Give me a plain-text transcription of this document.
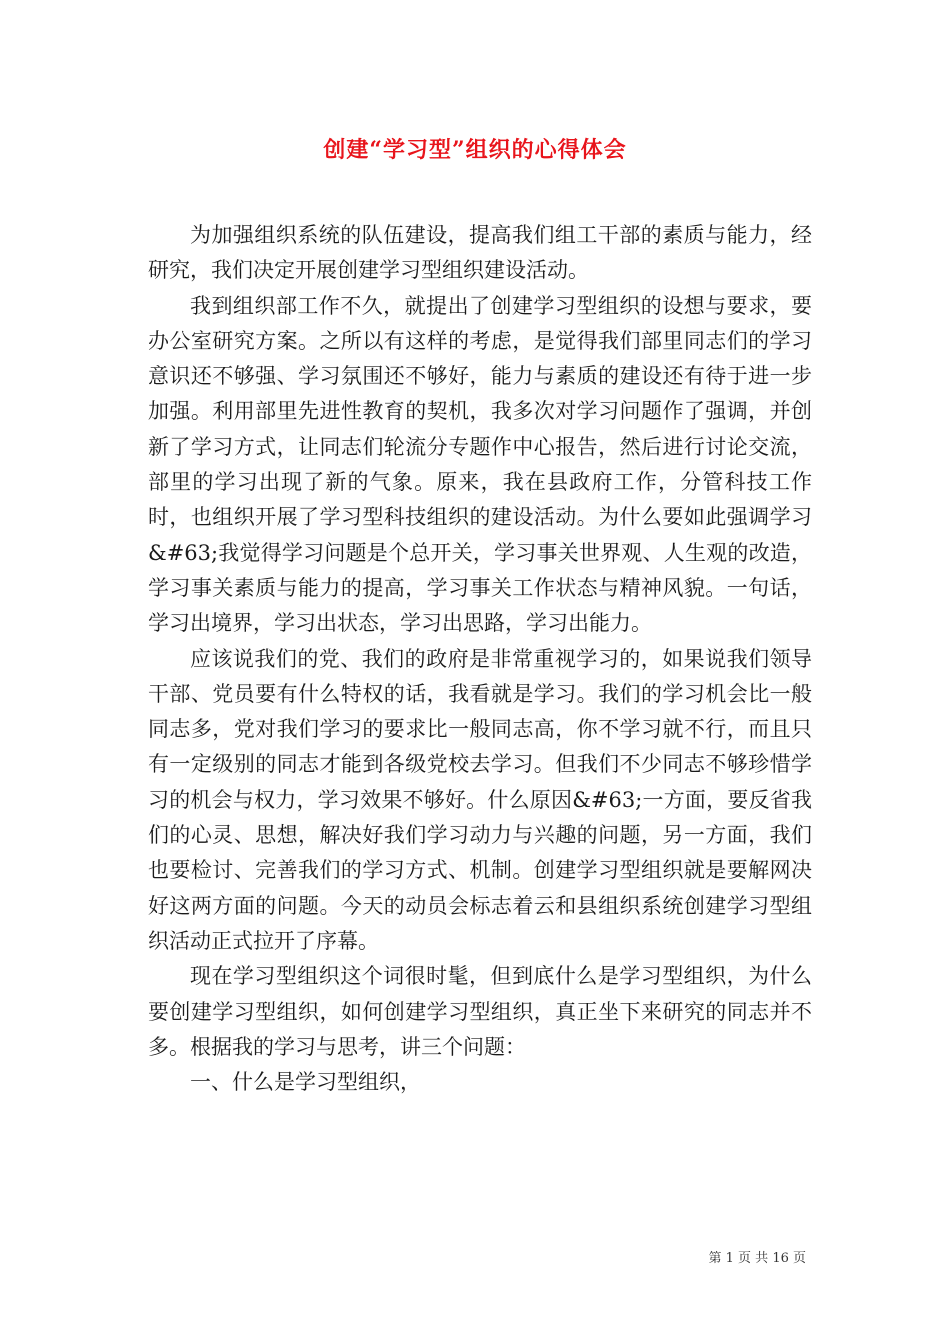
创建“学习型”组织的心得体会

为加强组织系统的队伍建设，提高我们组工干部的素质与能力，经研究，我们决定开展创建学习型组织建设活动。

我到组织部工作不久，就提出了创建学习型组织的设想与要求，要办公室研究方案。之所以有这样的考虑，是觉得我们部里同志们的学习意识还不够强、学习氛围还不够好，能力与素质的建设还有待于进一步加强。利用部里先进性教育的契机，我多次对学习问题作了强调，并创新了学习方式，让同志们轮流分专题作中心报告，然后进行讨论交流，部里的学习出现了新的气象。原来，我在县政府工作，分管科技工作时，也组织开展了学习型科技组织的建设活动。为什么要如此强调学习&#63;我觉得学习问题是个总开关，学习事关世界观、人生观的改造，学习事关素质与能力的提高，学习事关工作状态与精神风貌。一句话，学习出境界，学习出状态，学习出思路，学习出能力。

应该说我们的党、我们的政府是非常重视学习的，如果说我们领导干部、党员要有什么特权的话，我看就是学习。我们的学习机会比一般同志多，党对我们学习的要求比一般同志高，你不学习就不行，而且只有一定级别的同志才能到各级党校去学习。但我们不少同志不够珍惜学习的机会与权力，学习效果不够好。什么原因&#63;一方面，要反省我们的心灵、思想，解决好我们学习动力与兴趣的问题，另一方面，我们也要检讨、完善我们的学习方式、机制。创建学习型组织就是要解网决好这两方面的问题。今天的动员会标志着云和县组织系统创建学习型组织活动正式拉开了序幕。

现在学习型组织这个词很时髦，但到底什么是学习型组织，为什么要创建学习型组织，如何创建学习型组织，真正坐下来研究的同志并不多。根据我的学习与思考，讲三个问题：

一、什么是学习型组织，

第 1 页 共 16 页
